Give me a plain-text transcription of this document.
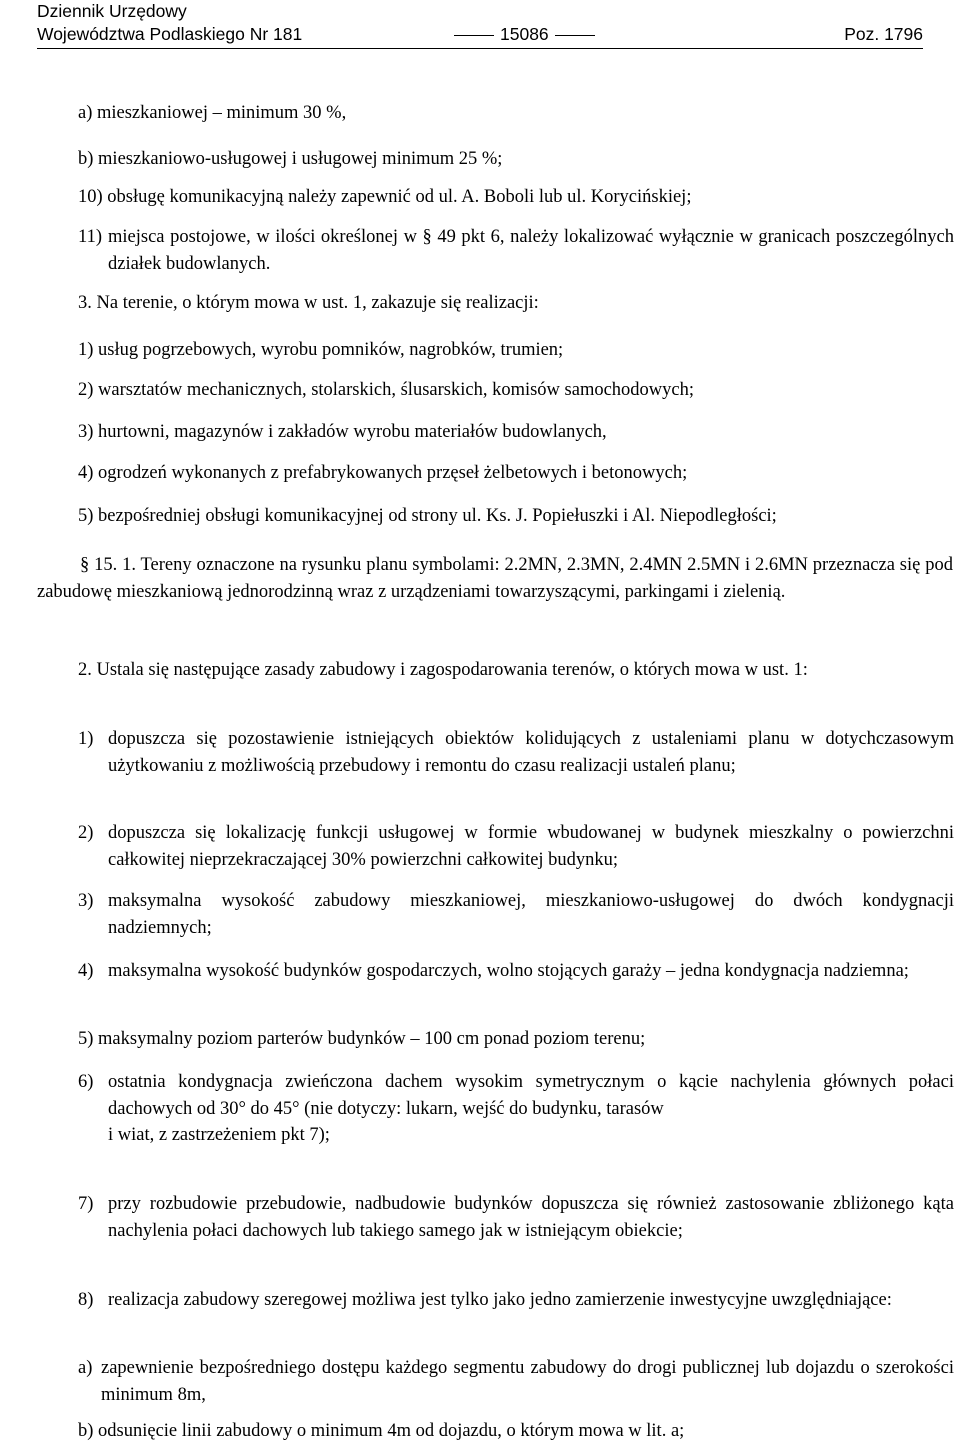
Dziennik Urzędowy
Województwa Podlaskiego Nr 181	15086	Poz. 1796
a) mieszkaniowej – minimum 30 %,
b) mieszkaniowo-usługowej i usługowej minimum 25 %;
10) obsługę komunikacyjną należy zapewnić od ul. A. Boboli lub ul. Korycińskiej;
11) miejsca postojowe, w ilości określonej w § 49 pkt 6, należy lokalizować wyłącznie w granicach poszczególnych działek budowlanych.
3. Na terenie, o którym mowa w ust. 1, zakazuje się realizacji:
1) usług pogrzebowych, wyrobu pomników, nagrobków, trumien;
2) warsztatów mechanicznych, stolarskich, ślusarskich, komisów samochodowych;
3) hurtowni, magazynów i zakładów wyrobu materiałów budowlanych,
4) ogrodzeń wykonanych z prefabrykowanych przęseł żelbetowych i betonowych;
5) bezpośredniej obsługi komunikacyjnej od strony ul. Ks. J. Popiełuszki i Al. Niepodległości;
§ 15. 1. Tereny oznaczone na rysunku planu symbolami: 2.2MN, 2.3MN, 2.4MN 2.5MN i 2.6MN przeznacza się pod zabudowę mieszkaniową jednorodzinną wraz z urządzeniami towarzyszącymi, parkingami i zielenią.
2. Ustala się następujące zasady zabudowy i zagospodarowania terenów, o których mowa w ust. 1:
1) dopuszcza się pozostawienie istniejących obiektów kolidujących z ustaleniami planu w dotychczasowym użytkowaniu z możliwością przebudowy i remontu do czasu realizacji ustaleń planu;
2) dopuszcza się lokalizację funkcji usługowej w formie wbudowanej w budynek mieszkalny o powierzchni całkowitej nieprzekraczającej 30% powierzchni całkowitej budynku;
3) maksymalna wysokość zabudowy mieszkaniowej, mieszkaniowo-usługowej do dwóch kondygnacji nadziemnych;
4) maksymalna wysokość budynków gospodarczych, wolno stojących garaży – jedna kondygnacja nadziemna;
5) maksymalny poziom parterów budynków – 100 cm ponad poziom terenu;
6) ostatnia kondygnacja zwieńczona dachem wysokim symetrycznym o kącie nachylenia głównych połaci dachowych od 30° do 45° (nie dotyczy: lukarn, wejść do budynku, tarasów
i wiat, z zastrzeżeniem pkt 7);
7) przy rozbudowie przebudowie, nadbudowie budynków dopuszcza się również zastosowanie zbliżonego kąta nachylenia połaci dachowych lub takiego samego jak w istniejącym obiekcie;
8) realizacja zabudowy szeregowej możliwa jest tylko jako jedno zamierzenie inwestycyjne uwzględniające:
a) zapewnienie bezpośredniego dostępu każdego segmentu zabudowy do drogi publicznej lub dojazdu o szerokości minimum 8m,
b) odsunięcie linii zabudowy o minimum 4m od dojazdu, o którym mowa w lit. a;
